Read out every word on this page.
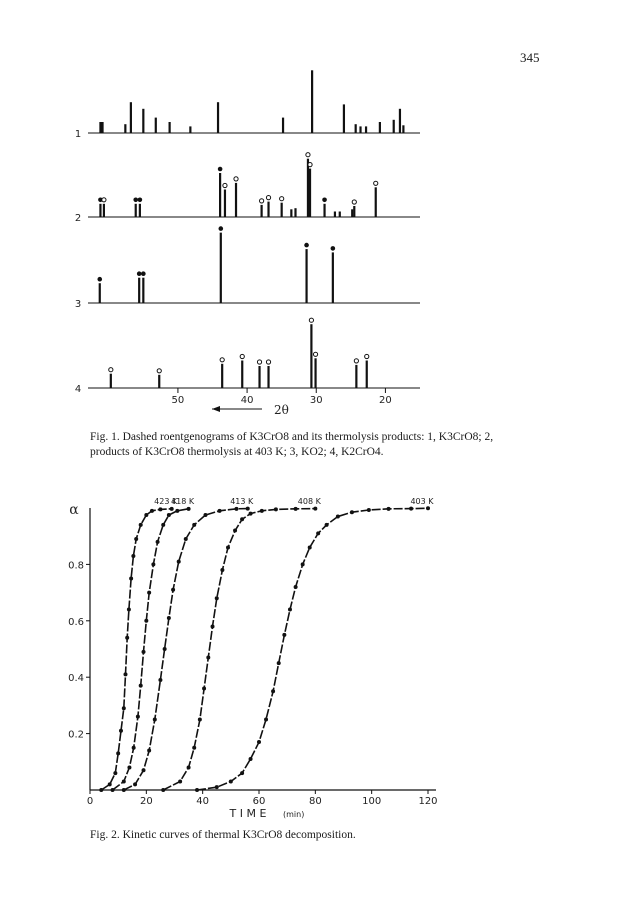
345
1
2
3
4
50	40	30	20
2θ
α
0	20	40	60	80	100	120
0.2
0.4
0.6
0.8
T I M E (min)
423 K
418 K	413 K	408 K	403 K
Fig. 1. Dashed roentgenograms of K3CrO8 and its thermolysis products: 1, K3CrO8; 2, products of K3CrO8 thermolysis at 403 K; 3, KO2; 4, K2CrO4.
Fig. 2. Kinetic curves of thermal K3CrO8 decomposition.
